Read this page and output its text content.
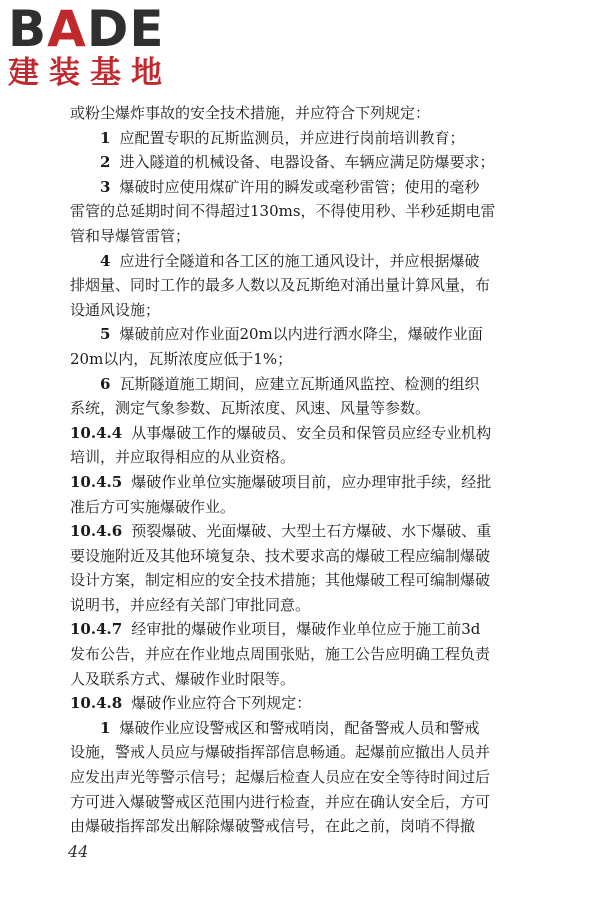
BADE
建装基地
或粉尘爆炸事故的安全技术措施，并应符合下列规定：
1 应配置专职的瓦斯监测员，并应进行岗前培训教育；
2 进入隧道的机械设备、电器设备、车辆应满足防爆要求；
3 爆破时应使用煤矿许用的瞬发或毫秒雷管；使用的毫秒
雷管的总延期时间不得超过130ms，不得使用秒、半秒延期电雷
管和导爆管雷管；
4 应进行全隧道和各工区的施工通风设计，并应根据爆破
排烟量、同时工作的最多人数以及瓦斯绝对涌出量计算风量，布
设通风设施；
5 爆破前应对作业面20m以内进行洒水降尘，爆破作业面
20m以内，瓦斯浓度应低于1%；
6 瓦斯隧道施工期间，应建立瓦斯通风监控、检测的组织
系统，测定气象参数、瓦斯浓度、风速、风量等参数。
10.4.4 从事爆破工作的爆破员、安全员和保管员应经专业机构
培训，并应取得相应的从业资格。
10.4.5 爆破作业单位实施爆破项目前，应办理审批手续，经批
准后方可实施爆破作业。
10.4.6 预裂爆破、光面爆破、大型土石方爆破、水下爆破、重
要设施附近及其他环境复杂、技术要求高的爆破工程应编制爆破
设计方案，制定相应的安全技术措施；其他爆破工程可编制爆破
说明书，并应经有关部门审批同意。
10.4.7 经审批的爆破作业项目，爆破作业单位应于施工前3d
发布公告，并应在作业地点周围张贴，施工公告应明确工程负责
人及联系方式、爆破作业时限等。
10.4.8 爆破作业应符合下列规定：
1 爆破作业应设警戒区和警戒哨岗，配备警戒人员和警戒
设施，警戒人员应与爆破指挥部信息畅通。起爆前应撤出人员并
应发出声光等警示信号；起爆后检查人员应在安全等待时间过后
方可进入爆破警戒区范围内进行检查，并应在确认安全后，方可
由爆破指挥部发出解除爆破警戒信号，在此之前，岗哨不得撤
44
